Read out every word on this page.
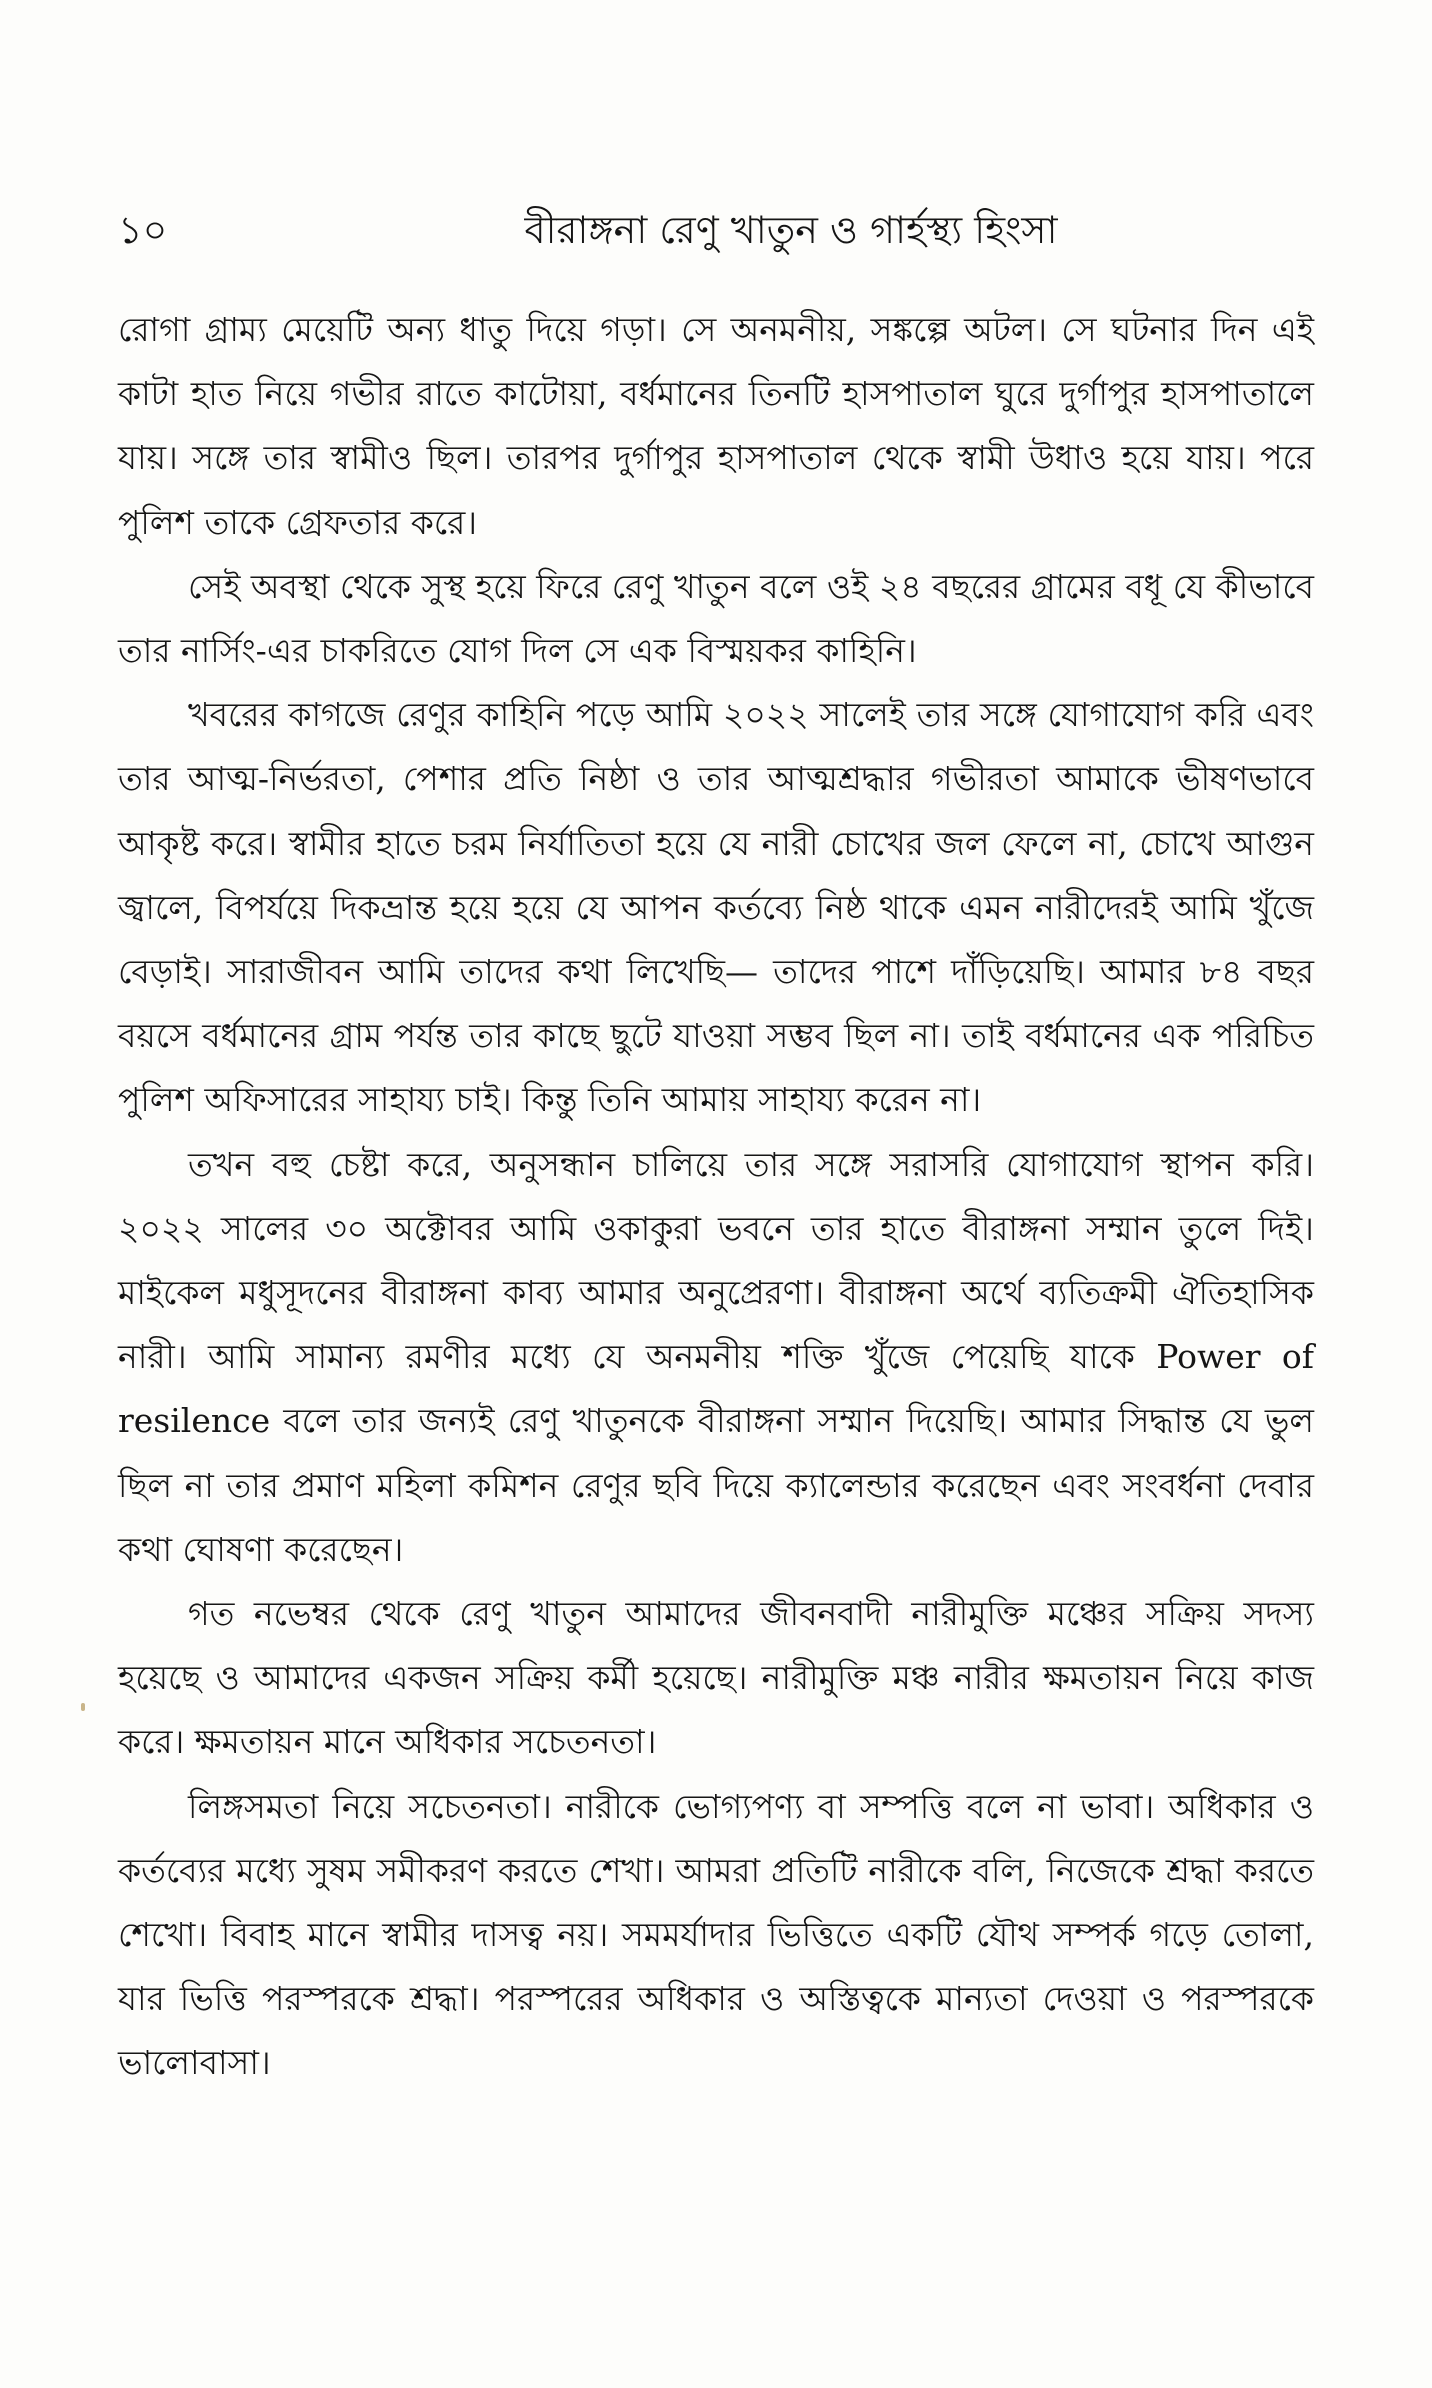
১০	বীরাঙ্গনা রেণু খাতুন ও গার্হস্থ্য হিংসা

রোগা গ্রাম্য মেয়েটি অন্য ধাতু দিয়ে গড়া। সে অনমনীয়, সঙ্কল্পে অটল। সে ঘটনার দিন এই কাটা হাত নিয়ে গভীর রাতে কাটোয়া, বর্ধমানের তিনটি হাসপাতাল ঘুরে দুর্গাপুর হাসপাতালে যায়। সঙ্গে তার স্বামীও ছিল। তারপর দুর্গাপুর হাসপাতাল থেকে স্বামী উধাও হয়ে যায়। পরে পুলিশ তাকে গ্রেফতার করে।

সেই অবস্থা থেকে সুস্থ হয়ে ফিরে রেণু খাতুন বলে ওই ২৪ বছরের গ্রামের বধূ যে কীভাবে তার নার্সিং-এর চাকরিতে যোগ দিল সে এক বিস্ময়কর কাহিনি।

খবরের কাগজে রেণুর কাহিনি পড়ে আমি ২০২২ সালেই তার সঙ্গে যোগাযোগ করি এবং তার আত্ম-নির্ভরতা, পেশার প্রতি নিষ্ঠা ও তার আত্মশ্রদ্ধার গভীরতা আমাকে ভীষণভাবে আকৃষ্ট করে। স্বামীর হাতে চরম নির্যাতিতা হয়ে যে নারী চোখের জল ফেলে না, চোখে আগুন জ্বালে, বিপর্যয়ে দিকভ্রান্ত হয়ে হয়ে যে আপন কর্তব্যে নিষ্ঠ থাকে এমন নারীদেরই আমি খুঁজে বেড়াই। সারাজীবন আমি তাদের কথা লিখেছি— তাদের পাশে দাঁড়িয়েছি। আমার ৮৪ বছর বয়সে বর্ধমানের গ্রাম পর্যন্ত তার কাছে ছুটে যাওয়া সম্ভব ছিল না। তাই বর্ধমানের এক পরিচিত পুলিশ অফিসারের সাহায্য চাই। কিন্তু তিনি আমায় সাহায্য করেন না।

তখন বহু চেষ্টা করে, অনুসন্ধান চালিয়ে তার সঙ্গে সরাসরি যোগাযোগ স্থাপন করি। ২০২২ সালের ৩০ অক্টোবর আমি ওকাকুরা ভবনে তার হাতে বীরাঙ্গনা সম্মান তুলে দিই। মাইকেল মধুসূদনের বীরাঙ্গনা কাব্য আমার অনুপ্রেরণা। বীরাঙ্গনা অর্থে ব্যতিক্রমী ঐতিহাসিক নারী। আমি সামান্য রমণীর মধ্যে যে অনমনীয় শক্তি খুঁজে পেয়েছি যাকে Power of resilence বলে তার জন্যই রেণু খাতুনকে বীরাঙ্গনা সম্মান দিয়েছি। আমার সিদ্ধান্ত যে ভুল ছিল না তার প্রমাণ মহিলা কমিশন রেণুর ছবি দিয়ে ক্যালেন্ডার করেছেন এবং সংবর্ধনা দেবার কথা ঘোষণা করেছেন।

গত নভেম্বর থেকে রেণু খাতুন আমাদের জীবনবাদী নারীমুক্তি মঞ্চের সক্রিয় সদস্য হয়েছে ও আমাদের একজন সক্রিয় কর্মী হয়েছে। নারীমুক্তি মঞ্চ নারীর ক্ষমতায়ন নিয়ে কাজ করে। ক্ষমতায়ন মানে অধিকার সচেতনতা।

লিঙ্গসমতা নিয়ে সচেতনতা। নারীকে ভোগ্যপণ্য বা সম্পত্তি বলে না ভাবা। অধিকার ও কর্তব্যের মধ্যে সুষম সমীকরণ করতে শেখা। আমরা প্রতিটি নারীকে বলি, নিজেকে শ্রদ্ধা করতে শেখো। বিবাহ মানে স্বামীর দাসত্ব নয়। সমমর্যাদার ভিত্তিতে একটি যৌথ সম্পর্ক গড়ে তোলা, যার ভিত্তি পরস্পরকে শ্রদ্ধা। পরস্পরের অধিকার ও অস্তিত্বকে মান্যতা দেওয়া ও পরস্পরকে ভালোবাসা।
